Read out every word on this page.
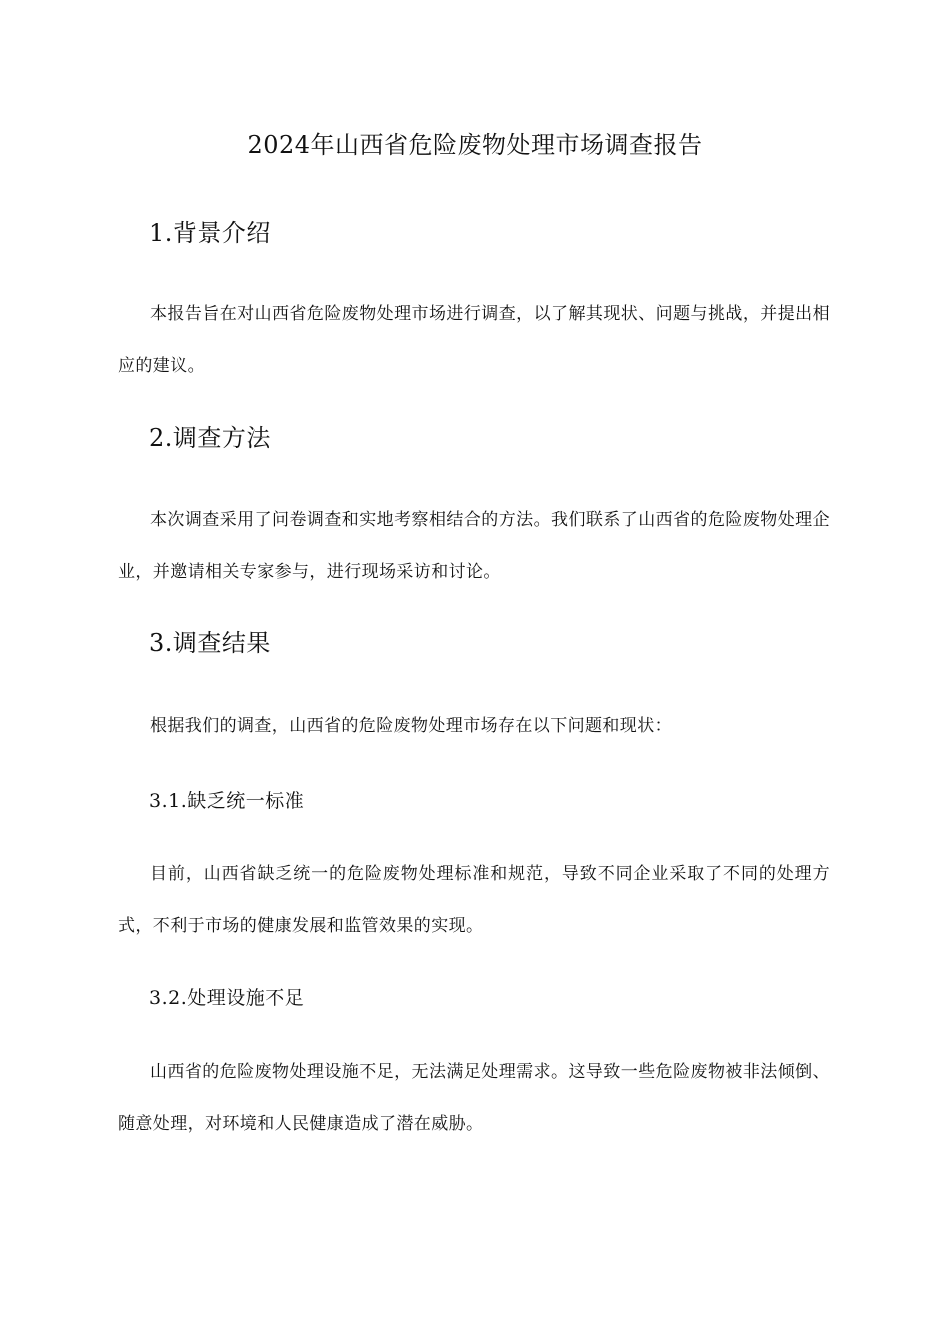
2024年山西省危险废物处理市场调查报告
1.背景介绍
本报告旨在对山西省危险废物处理市场进行调查，以了解其现状、问题与挑战，并提出相应的建议。
2.调查方法
本次调查采用了问卷调查和实地考察相结合的方法。我们联系了山西省的危险废物处理企业，并邀请相关专家参与，进行现场采访和讨论。
3.调查结果
根据我们的调查，山西省的危险废物处理市场存在以下问题和现状：
3.1.缺乏统一标准
目前，山西省缺乏统一的危险废物处理标准和规范，导致不同企业采取了不同的处理方式，不利于市场的健康发展和监管效果的实现。
3.2.处理设施不足
山西省的危险废物处理设施不足，无法满足处理需求。这导致一些危险废物被非法倾倒、随意处理，对环境和人民健康造成了潜在威胁。
